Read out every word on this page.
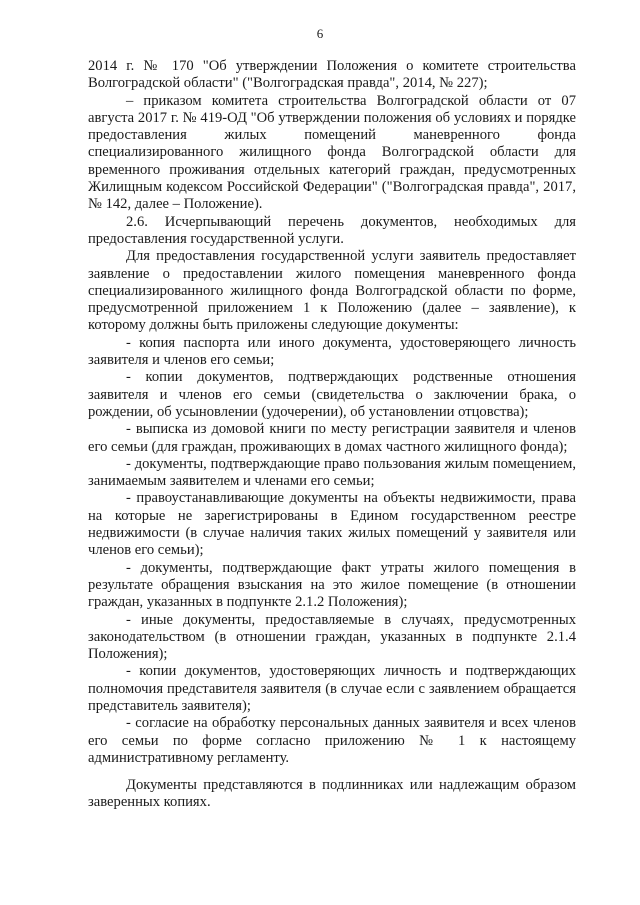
6

2014 г. № 170 "Об утверждении Положения о комитете строительства Волгоградской области" ("Волгоградская правда", 2014, № 227);

– приказом комитета строительства Волгоградской области от 07 августа 2017 г. № 419-ОД "Об утверждении положения об условиях и порядке предоставления жилых помещений маневренного фонда специализированного жилищного фонда Волгоградской области для временного проживания отдельных категорий граждан, предусмотренных Жилищным кодексом Российской Федерации" ("Волгоградская правда", 2017, № 142, далее – Положение).

2.6. Исчерпывающий перечень документов, необходимых для предоставления государственной услуги.

Для предоставления государственной услуги заявитель предоставляет заявление о предоставлении жилого помещения маневренного фонда специализированного жилищного фонда Волгоградской области по форме, предусмотренной приложением 1 к Положению (далее – заявление), к которому должны быть приложены следующие документы:

- копия паспорта или иного документа, удостоверяющего личность заявителя и членов его семьи;

- копии документов, подтверждающих родственные отношения заявителя и членов его семьи (свидетельства о заключении брака, о рождении, об усыновлении (удочерении), об установлении отцовства);

- выписка из домовой книги по месту регистрации заявителя и членов его семьи (для граждан, проживающих в домах частного жилищного фонда);

- документы, подтверждающие право пользования жилым помещением, занимаемым заявителем и членами его семьи;

- правоустанавливающие документы на объекты недвижимости, права на которые не зарегистрированы в Едином государственном реестре недвижимости (в случае наличия таких жилых помещений у заявителя или членов его семьи);

- документы, подтверждающие факт утраты жилого помещения в результате обращения взыскания на это жилое помещение (в отношении граждан, указанных в подпункте 2.1.2 Положения);

- иные документы, предоставляемые в случаях, предусмотренных законодательством (в отношении граждан, указанных в подпункте 2.1.4 Положения);

- копии документов, удостоверяющих личность и подтверждающих полномочия представителя заявителя (в случае если с заявлением обращается представитель заявителя);

- согласие на обработку персональных данных заявителя и всех членов его семьи по форме согласно приложению № 1 к настоящему административному регламенту.

Документы представляются в подлинниках или надлежащим образом заверенных копиях.
